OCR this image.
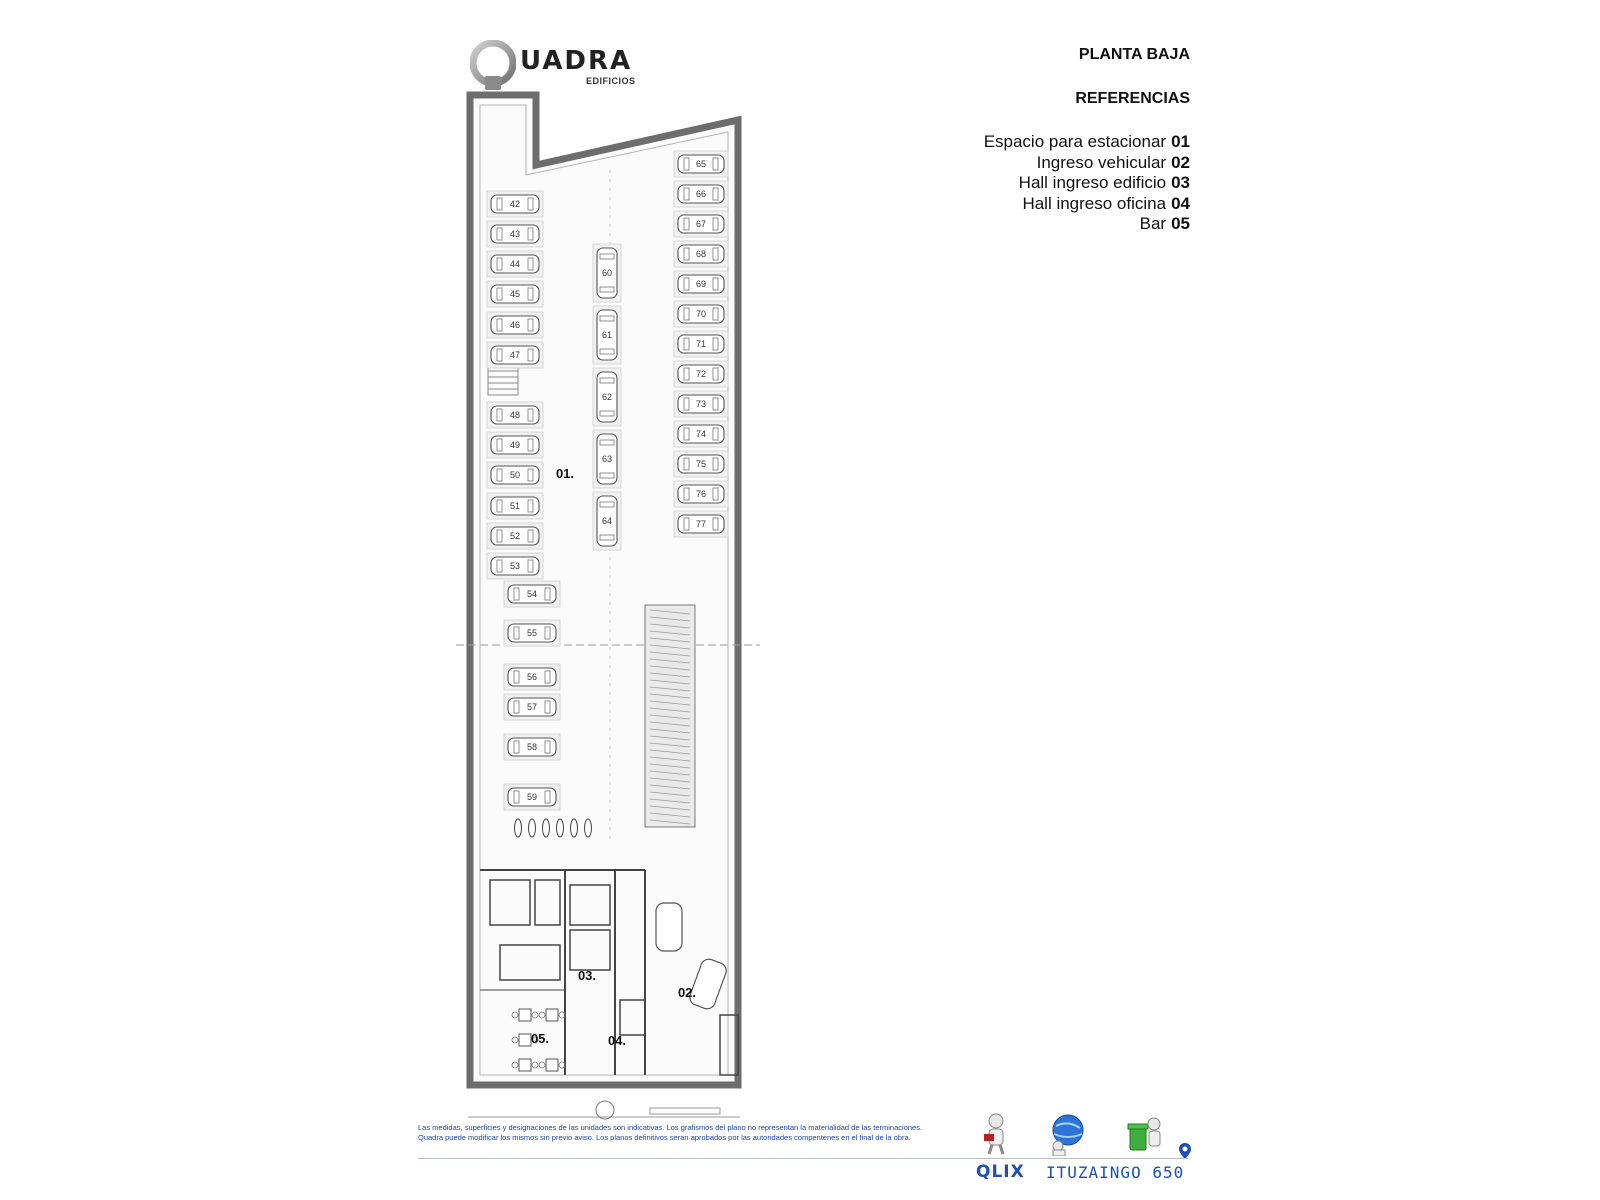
UADRA
EDIFICIOS
PLANTA BAJA
REFERENCIAS
Espacio para estacionar 01
Ingreso vehicular 02
Hall ingreso edificio 03
Hall ingreso oficina 04
Bar 05
42
43
44
45
46
47
48
49
50
51
52
53
54
55
56
57
58
59
60
61
62
63
64
65
66
67
68
69
70
71
72
73
74
75
76
77
01.
02.
03.
04.
05.
Las medidas, superficies y designaciones de las unidades son indicativas. Los grafismos del plano no representan la materialidad de las terminaciones.
Quadra puede modificar los mismos sin previo aviso. Los planos definitivos seran aprobados por las autoridades compentenes en el final de la obra.
QLIX ITUZAINGO 650
